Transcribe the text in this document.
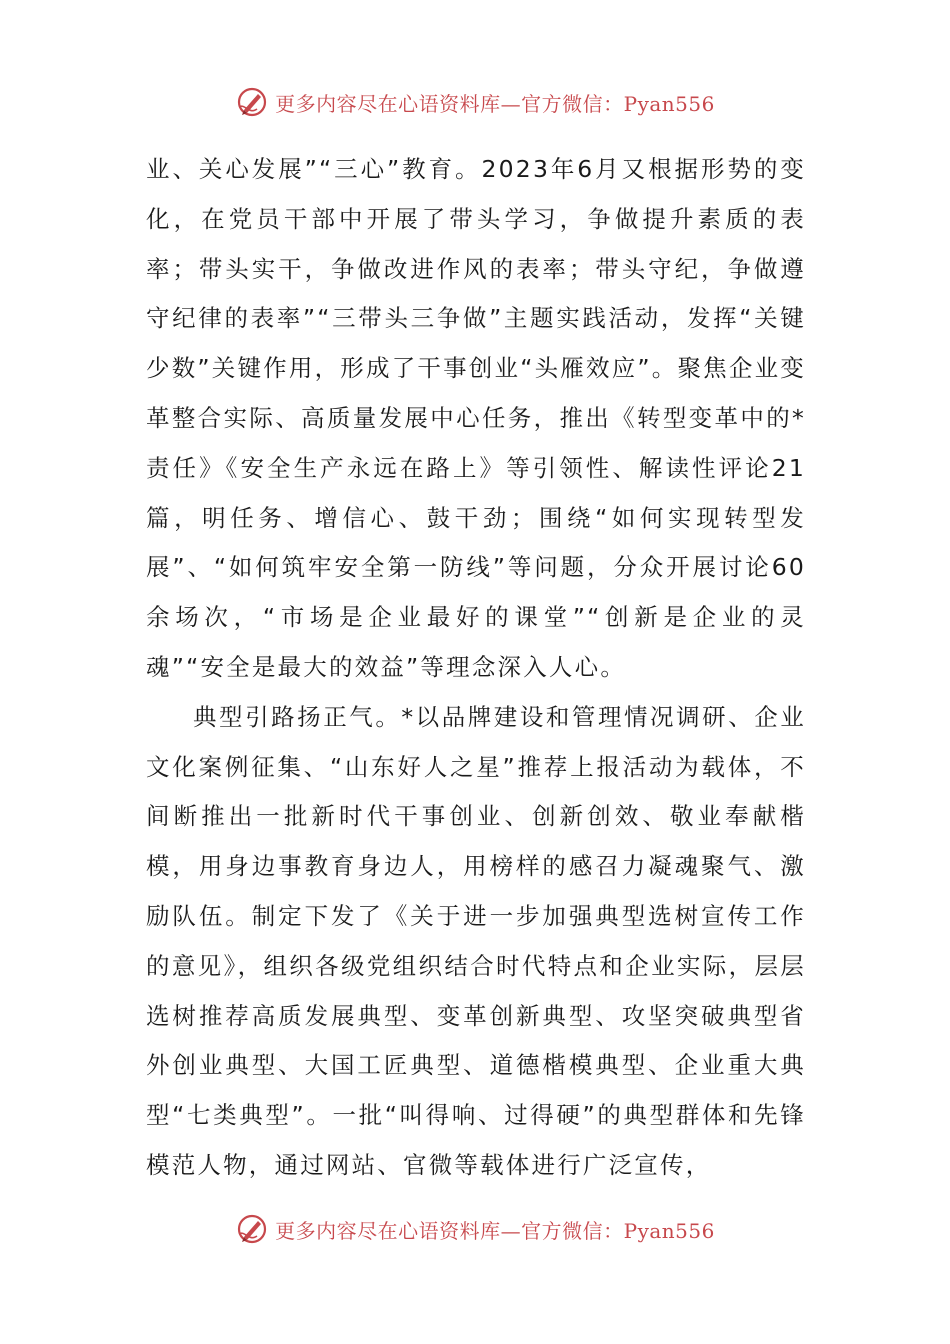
更多内容尽在心语资料库—官方微信：Pyan556

业、关心发展”“三心”教育。2023年6月又根据形势的变化，在党员干部中开展了带头学习，争做提升素质的表率；带头实干，争做改进作风的表率；带头守纪，争做遵守纪律的表率”“三带头三争做”主题实践活动，发挥“关键少数”关键作用，形成了干事创业“头雁效应”。聚焦企业变革整合实际、高质量发展中心任务，推出《转型变革中的*责任》《安全生产永远在路上》等引领性、解读性评论21篇，明任务、增信心、鼓干劲；围绕“如何实现转型发展”、“如何筑牢安全第一防线”等问题，分众开展讨论60余场次，“市场是企业最好的课堂”“创新是企业的灵魂”“安全是最大的效益”等理念深入人心。

典型引路扬正气。*以品牌建设和管理情况调研、企业文化案例征集、“山东好人之星”推荐上报活动为载体，不间断推出一批新时代干事创业、创新创效、敬业奉献楷模，用身边事教育身边人，用榜样的感召力凝魂聚气、激励队伍。制定下发了《关于进一步加强典型选树宣传工作的意见》，组织各级党组织结合时代特点和企业实际，层层选树推荐高质发展典型、变革创新典型、攻坚突破典型省外创业典型、大国工匠典型、道德楷模典型、企业重大典型“七类典型”。一批“叫得响、过得硬”的典型群体和先锋模范人物，通过网站、官微等载体进行广泛宣传，

更多内容尽在心语资料库—官方微信：Pyan556
